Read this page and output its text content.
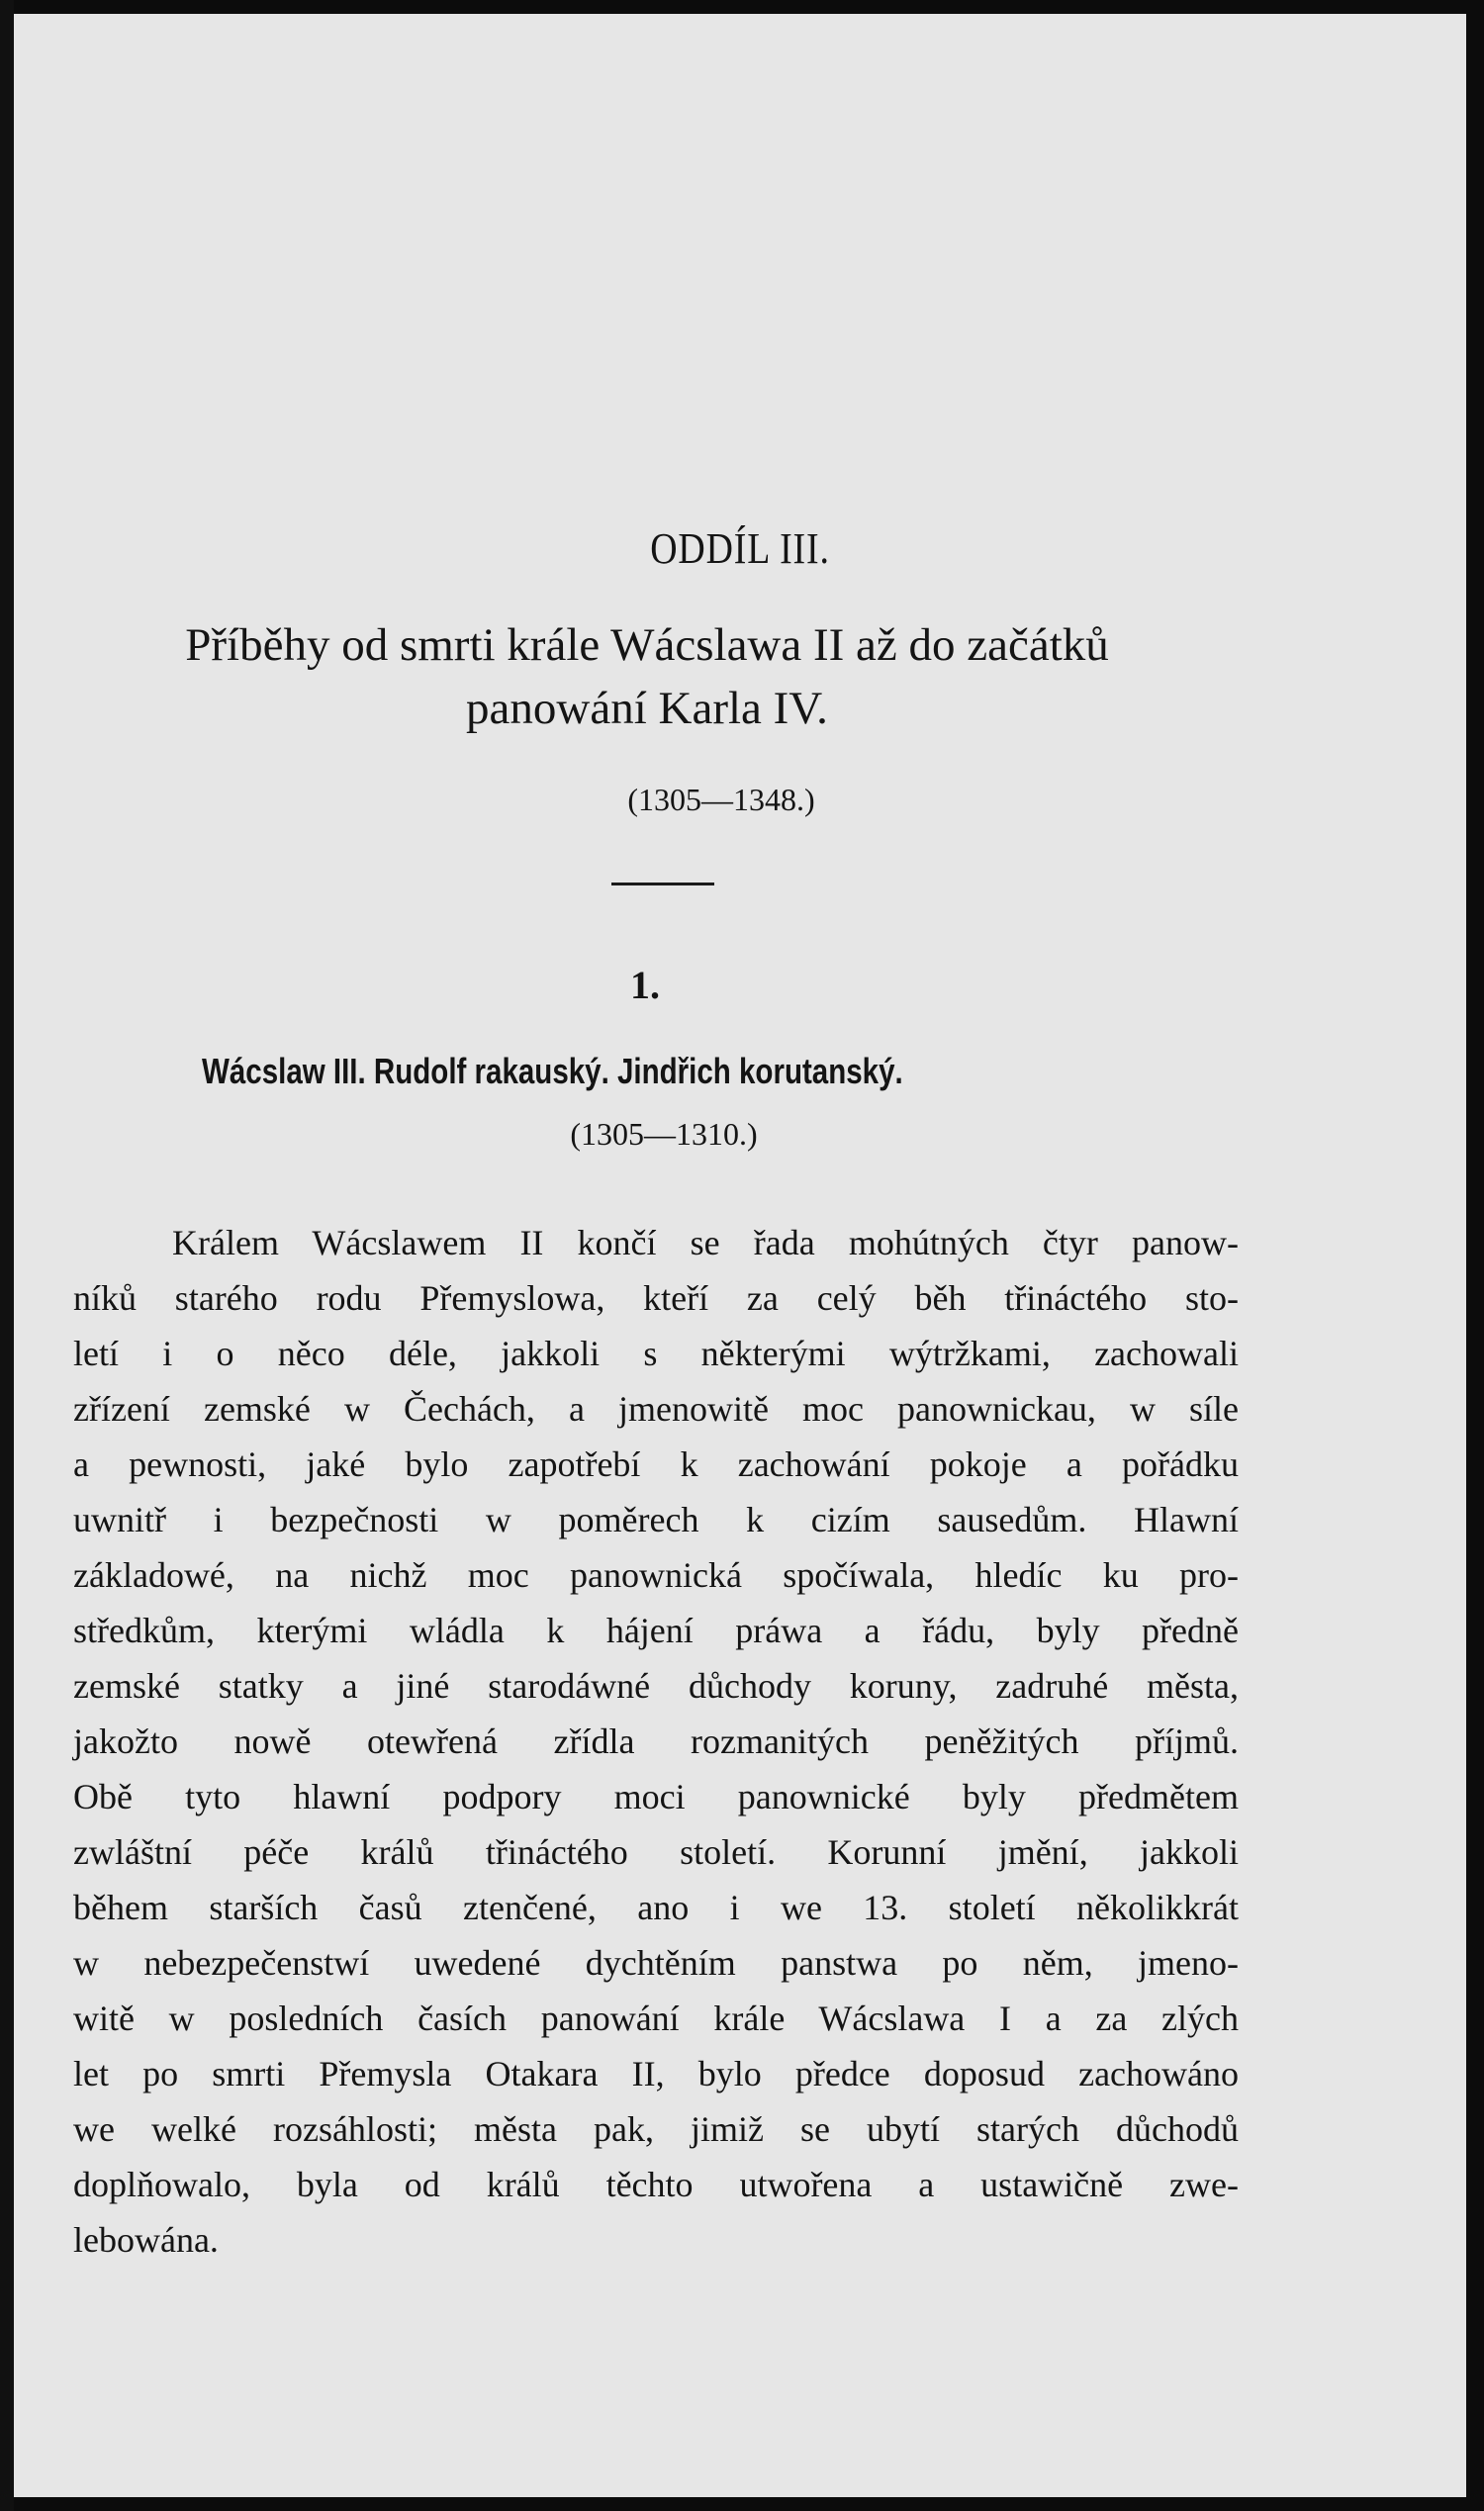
ODDÍL III.
Příběhy od smrti krále Wácslawa II až do začátků
panowání Karla IV.
(1305—1348.)
1.
Wácslaw III. Rudolf rakauský. Jindřich korutanský.
(1305—1310.)
Králem Wácslawem II končí se řada mohútných čtyr panow-
níků starého rodu Přemyslowa, kteří za celý běh třináctého sto-
letí i o něco déle, jakkoli s některými wýtržkami, zachowali
zřízení zemské w Čechách, a jmenowitě moc panownickau, w síle
a pewnosti, jaké bylo zapotřebí k zachowání pokoje a pořádku
uwnitř i bezpečnosti w poměrech k cizím sausedům. Hlawní
základowé, na nichž moc panownická spočíwala, hledíc ku pro-
středkům, kterými wládla k hájení práwa a řádu, byly předně
zemské statky a jiné starodáwné důchody koruny, zadruhé města,
jakožto nowě otewřená zřídla rozmanitých peněžitých příjmů.
Obě tyto hlawní podpory moci panownické byly předmětem
zwláštní péče králů třináctého století. Korunní jmění, jakkoli
během starších časů ztenčené, ano i we 13. století několikkrát
w nebezpečenstwí uwedené dychtěním panstwa po něm, jmeno-
witě w posledních časích panowání krále Wácslawa I a za zlých
let po smrti Přemysla Otakara II, bylo předce doposud zachowáno
we welké rozsáhlosti; města pak, jimiž se ubytí starých důchodů
doplňowalo, byla od králů těchto utwořena a ustawičně zwe-
lebowána.
